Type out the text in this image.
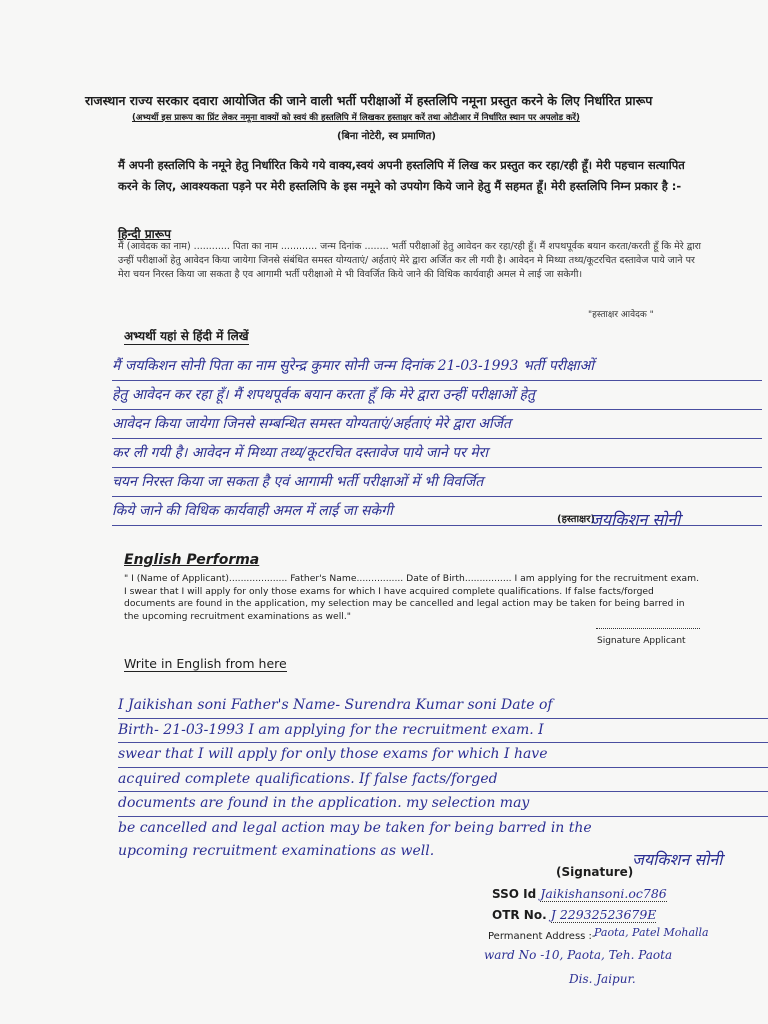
राजस्थान राज्य सरकार दवारा आयोजित की जाने वाली भर्ती परीक्षाओं में हस्तलिपि नमूना प्रस्तुत करने के लिए निर्धारित प्रारूप
(अभ्यर्थी इस प्रारूप का प्रिंट लेकर नमूना वाक्यों को स्वयं की हस्तलिपि में लिखकर हस्ताक्षर करें तथा ओटीआर में निर्धारित स्थान पर अपलोड करें)
(बिना नोटेरी, स्व प्रमाणित)
मैं अपनी हस्तलिपि के नमूने हेतु निर्धारित किये गये वाक्य,स्वयं अपनी हस्तलिपि में लिख कर प्रस्तुत कर रहा/रही हूँ। मेरी पहचान सत्यापित करने के लिए, आवश्यकता पड़ने पर मेरी हस्तलिपि के इस नमूने को उपयोग किये जाने हेतु मैं सहमत हूँ। मेरी हस्तलिपि निम्न प्रकार है :-
हिन्दी प्रारूप
मैं (आवेदक का नाम) ............ पिता का नाम ............ जन्म दिनांक ........ भर्ती परीक्षाओं हेतु आवेदन कर रहा/रही हूँ। मैं शपथपूर्वक बयान करता/करती हूँ कि मेरे द्वारा उन्हीं परीक्षाओं हेतु आवेदन किया जायेगा जिनसे संबंधित समस्त योग्यताएं/ अर्हताएं मेरे द्वारा अर्जित कर ली गयी है। आवेदन मे मिथ्या तथ्य/कूटरचित दस्तावेज पाये जाने पर मेरा चयन निरस्त किया जा सकता है एव आगामी भर्ती परीक्षाओ मे भी विवर्जित किये जाने की विधिक कार्यवाही अमल मे लाई जा सकेगी।
"हस्ताक्षर आवेदक "
अभ्यर्थी यहां से हिंदी में लिखें
मैं जयकिशन सोनी पिता का नाम सुरेन्द्र कुमार सोनी जन्म दिनांक 21-03-1993 भर्ती परीक्षाओं
हेतु आवेदन कर रहा हूँ। मैं शपथपूर्वक बयान करता हूँ कि मेरे द्वारा उन्हीं परीक्षाओं हेतु
आवेदन किया जायेगा जिनसे सम्बन्धित समस्त योग्यताएं/अर्हताएं मेरे द्वारा अर्जित
कर ली गयी है। आवेदन में मिथ्या तथ्य/कूटरचित दस्तावेज पाये जाने पर मेरा
चयन निरस्त किया जा सकता है एवं आगामी भर्ती परीक्षाओं में भी विवर्जित
किये जाने की विधिक कार्यवाही अमल में लाई जा सकेगी
(हस्ताक्षर)
जयकिशन सोनी
English Performa
" I (Name of Applicant).................... Father's Name................ Date of Birth................ I am applying for the recruitment exam. I swear that I will apply for only those exams for which I have acquired complete qualifications. If false facts/forged documents are found in the application, my selection may be cancelled and legal action may be taken for being barred in the upcoming recruitment examinations as well."
Signature Applicant
Write in English from here
I Jaikishan soni Father's Name- Surendra Kumar soni Date of
Birth- 21-03-1993 I am applying for the recruitment exam. I
swear that I will apply for only those exams for which I have
acquired complete qualifications. If false facts/forged
documents are found in the application. my selection may
be cancelled and legal action may be taken for being barred in the
upcoming recruitment examinations as well.
(Signature)
जयकिशन सोनी
SSO Id Jaikishansoni.oc786
OTR No. J 22932523679E
Permanent Address :-
Paota, Patel Mohalla
ward No -10, Paota, Teh. Paota
Dis. Jaipur.
